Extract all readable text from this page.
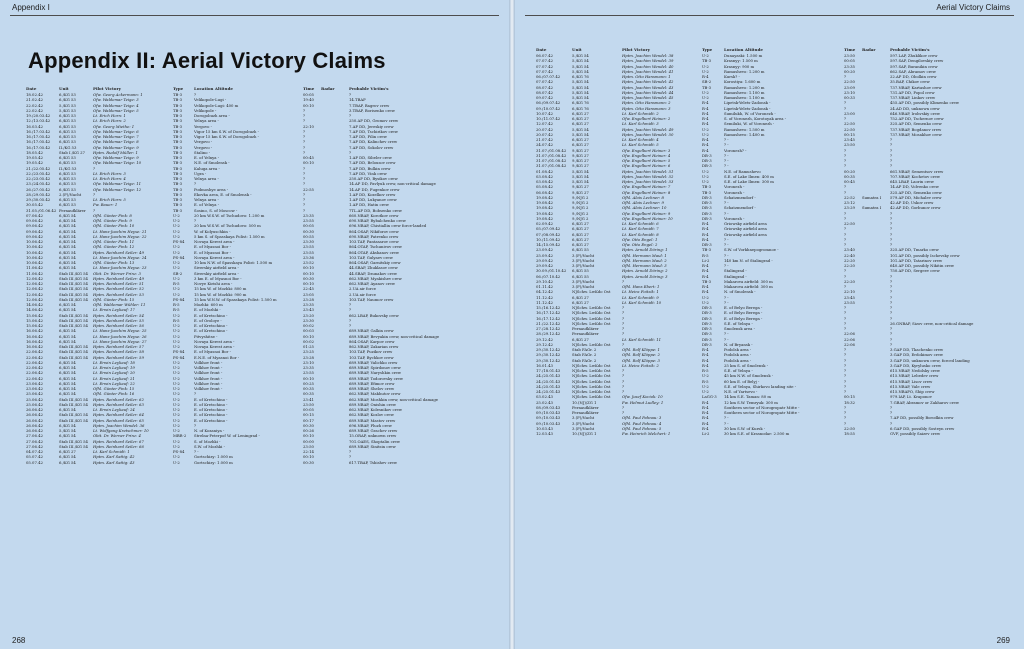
Appendix I
Appendix II: Aerial Victory Claims
Date	Unit	Pilot Victory	Type	Location Altitude	Time	Radar	Probable Victim's
18.02.42	6./KG 53	Ofw. Georg Ackermann: 1	TB-3	?	00:05		?
21.02.42	6./KG 53	Ofw. Waldemar Teige: 3	TB-3	Velikopole-Lugi -	19:40		14.TBAP
22.02.42	5./KG 53	Ofw. Waldemar Teige: 4	TB-3	Velikopole-Lugi: 400 m	00:10		7.TBAP, Bagrov crew
22.02.42	5./KG 53	Ofw. Waldemar Teige: 5	TB-3	Velikopole -	?		3.TBAP, Borisenko crew
19./20.03.42	6./KG 53	Lt. Erich Horn: 1	TB-3	Dorogobuzh area -	?		?
12./13.03.42	6./KG 53	Lt. Erich Horn: 2	TB-3	Yelnya area -	?		250.AP DD, Gromov crew
16.03.42	6./KG 53	Ofw. Georg Miethe: 1	TB-3	Yergovo -	22:10		7.AP DD, Jereskiy crew
16./17.03.42	6./KG 53	Ofw. Waldemar Teige: 6	TB-3	Vigor 15 km S.W. of Dorogobuzh -	?		7.AP DD, Tschirikov crew
16./17.05.42	6./KG 53	Ofw. Waldemar Teige: 7	TB-3	Vigor 15 km S.W. of Dorogobuzh -	?		7.AP DD, Filin crew
16./17.05.42	6./KG 53	Ofw. Waldemar Teige: 8	TB-3	Vergovo -	?		7.AP DD, Kalinchev crew
16./17.05.42	II./KG 53	Ofw. Waldemar Teige: 9	TB-3	Vergovo -	?		7.AP DD, Sokolov crew
18.05.42	Stab I./KG 27	Hptm. Rudolf Müller: 1	TB-3	Stalino -	?		?
19.05.42	6./KG 53	Ofw. Waldemar Teige: 9	TB-3	E. of Yelnya -	00:45		1.AP DD, Sibeler crew
19.05.42	6./KG 53	Ofw. Waldemar Teige: 10	TB-3	N.E. of Smolensk -	00:10		7.AP DD, Belousov crew
21./22.05.42	II./KG 53	?	TB-3	Kaluga area -	?		7.AP DD, Bulkin crew
22./23.05.42	6./KG 53	Lt. Erich Horn: 3	TB-3	Ugra -	?		7.AP DD, Vink crew
22./23.05.42	6./KG 53	Lt. Erich Horn: 4	TB-3	Yelnya area -	?		250.AP DD, Bysikov crew
23./24.05.42	6./KG 53	Ofw. Waldemar Teige: 11	TB-3	?	?		14.AP DD, Pavlyuk crew, non-critical damage
26./27.05.42	6./KG 53	Ofw. Waldemar Teige: 12	TB-3	Podmoshye area -	22:55		14.AP DD, Fugenkov crew
28./29.05.42	2.(F)/Nacht	?	TB-3	Ekovka area, E. of Smolensk -	?		1.AP DD, Kozelkov crew
29./30.05.42	6./KG 53	Lt. Erich Horn: 5	TB-3	Yelnya area -	?		1.AP DD, Lukyanov crew
30.05.42	6./KG 53	Pw. Bauer: 1	TB-3	E. of Yelnya -	?		1.AP DD, Hatin crew
31.05./01.06.42	Fernaufklärer	?	TB-3	Sosino, S. of Moscow -	?		7TL.AP DD, Bobsenko crew
07.06.42	6./KG 54	Ofhl. Günter Fink: 8	U-2	20 km W.S.W. of Tschudovo: 1.200 m	23:35		660.NBAP, Korotkov crew
09.06.42	6./KG 54	Ofhl. Günter Fink: 9	U-2	?	23:55		690.NBAP, Rybalchenko crew
09.06.42	6./KG 54	Ofhl. Günter Fink: 10	U-2	20 km W.S.W. of Tschudovo: 500 m	00:05		696.NBAP, Chistiallin crew force-landed
09.06.42	6./KG 54	Lt. Hans-Joachim Heyse: 21	U-2	W. of Kolyuschkin -	00:30		864.OSAP, Nikiforov crew
09.06.42	6./KG 54	Lt. Hans-Joachim Heyse: 22	U-2	5 km S. of Spasskaya Polist: 1.500 m	00:55		690.NBAP, Patrenko crew
10.06.42	6./KG 54	Ofhl. Günter Fink: 11	PS-84	Novaya Kerest area -	23:30		103.TAP, Pantasarov crew
10.06.42	6./KG 54	Ofhl. Günter Fink: 12	U-2	E. of Myasnoi Bor -	23:55		864.OTAP, Tschunivov crew
10.06.42	6./KG 54	Hptm. Reinhard Seiler: 49	U-2	E. of Myasnoi Bor -	23:55		864.OTAP, Akshanov crew
10.06.42	6./KG 54	Lt. Hans-Joachim Heyse: 24	PS-84	Novaya Kerest area -	23:36		103.TAP, Gulyaev crew
10.06.42	6./KG 54	Ofhl. Günter Fink: 13	U-2	10 km N.W. of Spasskaya Polist: 1.500 m	23:52		864.OSAP, Garnitskiy crew
11.06.42	6./KG 54	Lt. Hans-Joachim Heyse: 23	U-2	Siverskiy airfield area -	00:10		44.SBAP, Zhuklasov crew
11.06.42	Stab III./KG 54	Obit. Dr. Werner Prinz: 3	SB-2	Siverskiy airfield area -	00:10		44.SBAP, Dzunakov crew
12.06.42	Stab III./KG 54	Hptm. Reinhard Seiler: 49	U-2	3 km E. of Myasnoi Bor -	00:30		662.NBAP, Myakishev crew
12.06.42	Stab III./KG 54	Hptm. Reinhard Seiler: 51	R-5	Novye Kirishi area -	00:10		662.NBAP, Ayanov crew
12.06.42	Stab III./KG 54	Hptm. Reinhard Seiler: 52	U-2	15 km W. of Mozhki: 800 m	22:45		2.UA air force
12.06.42	Stab III./KG 54	Hptm. Reinhard Seiler: 53	U-2	15 km W. of Mozhki: 900 m	23:05		2.UA air force
12.06.42	Stab III./KG 54	Ofhl. Günter Fink: 15	PS-84	15 km W.N.W. of Spasskaya Polist: 1.500 m	23:28		103.TAP, Naumov crew
14.06.42	6./KG 54	Ofhl. Waldemar Wühler: 11	R-5	Mozhki: 600 m	23:35		?
14.06.42	6./KG 54	Lt. Erwin Leykauf: 17	R-5	E. of Mozhki -	23:43		?
15.06.42	Stab III./KG 54	Hptm. Reinhard Seiler: 54	U-2	E. of Kretschino -	23:20		662.LBAP, Bukovsky crew
15.06.42	Stab III./KG 54	Hptm. Reinhard Seiler: 55	R-5	E. of Oroloye -	23:30		?
15.06.42	Stab III./KG 54	Hptm. Reinhard Seiler: 56	U-2	E. of Kretschino -	00:02		?
16.06.42	6./KG 54	Lt. Hans-Joachim Heyse: 25	U-2	E. of Kretschino -	00:03		689.NBAP, Galkin crew
16.06.42	6./KG 54	Lt. Hans-Joachim Heyse: 26	U-2	Pitvyshitse -	00:10		689.NBAP, Bevyakin crew, non-critical damage
16.06.42	6./KG 54	Lt. Hans-Joachim Heyse: 27	U-2	Novaya Kerest area -	00:02		864.OSAP, Karpov crew
16.06.42	Stab III./KG 54	Hptm. Reinhard Seiler: 57	U-2	Novaya Kerest area -	01:25		862.NBAP, Zakarian crew
22.06.42	Stab III./KG 54	Hptm. Reinhard Seiler: 58	PS-84	E. of Myasnoi Bor -	23:25		103.TAP, Puzikov crew
22.06.42	Stab III./KG 54	Hptm. Reinhard Seiler: 59	PS-84	E.N.E. of Myasnoi Bor -	23:28		103.TAP, Bychkov crew
22.06.42	6./KG 54	Lt. Erwin Leykauf: 18	U-2	Volkhov front -	23:10		689.NBAP, Valichko crew
22.06.42	6./KG 54	Lt. Erwin Leykauf: 19	U-2	Volkhov front -	23:35		689.NBAP, Spirdonov crew
22.06.42	6./KG 54	Lt. Erwin Leykauf: 20	U-2	Volkhov front -	23:55		689.NBAP, Naryshkin crew
22.06.42	6./KG 54	Lt. Erwin Leykauf: 21	U-2	Volkhov front -	00:10		689.NBAP, Todorovsky crew
23.06.42	6./KG 54	Lt. Erwin Leykauf: 22	U-2	Volkhov front -	00:25		689.NBAP, Efimov crew
23.06.42	6./KG 54	Ofhl. Günter Fink: 15	U-2	Volkhov front -	00:35		689.NBAP, Shelov crew
25.06.42	6./KG 54	Ofhl. Günter Fink: 16	U-2	?	00:35		662.NBAP, Makhutov crew
25.06.42	Stab III./KG 54	Hptm. Reinhard Seiler: 62	U-2	E. of Kretschino -	23:41		662.NBAP, Moshkin crew, non-critical damage
25.06.42	Stab III./KG 54	Hptm. Reinhard Seiler: 63	U-2	E. of Kretschino -	23:50		689.NBAP, Onishin crew
26.06.42	6./KG 54	Lt. Erwin Leykauf: 24	U-2	E. of Kretschino -	00:05		662.NBAP, Kolesnikov crew
26.06.42	Stab III./KG 54	Hptm. Reinhard Seiler: 64	U-2	E. of Kretschino -	00:15		662.NBAP, Kozlov crew
26.06.42	Stab III./KG 54	Hptm. Reinhard Seiler: 65	U-2	E. of Kretschino -	00:17		689.NBAP, Mastov crew
26.06.42	6./KG 54	Hptm. Joachim Wendel: 36	U-2	?	00:30		696.NBAP, Pluzh crew
26.06.42	5./KG 54	Lt. Wolfgang Kretschmer: 10	U-2	N. of Kozaniya -	00:26		689.NBAP, Grachev crew
27.06.42	6./KG 54	Obit. Dr. Werner Prinz: 4	MBR-2	Strelna-Peterpof W. of Leningrad -	00:10		15.ORAP, unknown crew
27.06.42	Stab III./KG 54	Hptm. Reinhard Seiler: 67	U-2	S. of Mozhki -	00:00		701.OAES, Shoptalin crew
27.06.42	Stab III./KG 54	Hptm. Reinhard Seiler: 66	U-2	S.W. of Mozhki -	23:50		689.NBAP, Sinitsin crew
04.07.42	6./KG 27	Lt. Karl Schmidt: 1	PS-84	? -	22:14		?
05.07.42	6./KG 54	Hptm. Karl Sattig: 42	U-2	Gortschizy: 1.000 m	00:10		?
05.07.42	6./KG 54	Hptm. Karl Sattig: 43	U-2	Gortschizy: 1.000 m	00:30		617.TBAP, Tshishev crew
268
Aerial Victory Claims
Date	Unit	Pilot Victory	Type	Location Altitude	Time	Radar	Probable Victim's
06.07.42	5./KG 54	Hptm. Joachim Wendel: 38	U-2	Dunayaski: 1.500 m	23:50		597.LAP, Zhuklikov crew
07.07.42	5./KG 54	Hptm. Joachim Wendel: 39	TB-3	Krasnyy: 1.500 m	00:05		597.SAP, Dengilovskiy crew
07.07.42	5./KG 54	Hptm. Joachim Wendel: 40	U-2	Krasnyy: 900 m	23:35		597.SAP, Buranikin crew
07.07.42	5./KG 54	Hptm. Joachim Wendel: 41	U-2	Ramushevo: 1.200 m	00:20		662.SAP, Abramov crew
06./07.07.42	6./KG 76	Hptm. Otto Hansmann: 1	R-4	Kursk? -	?		22.AP DD, Obolkin crew
07.07.42	5./KG 54	Hptm. Joachim Wendel: 42	SB-2	Korostiya: 1.600 m	22:50		35.BAP, Chikov crew
08.07.42	5./KG 54	Hptm. Joachim Wendel: 43	TB-3	Ramushevo: 1.200 m	23:09		737.NBAP, Kartashov crew
08.07.42	5./KG 54	Hptm. Joachim Wendel: 44	U-2	Ramushevo: 1.100 m	23:10		731.AP DD, Popol crew
09.07.42	5./KG 54	Hptm. Joachim Wendel: 45	U-2	Ramushevo: 1.100 m	00:33		737.NBAP, Linkov crew
06./09.07.42	6./KG 76	Hptm. Otto Hansmann: 2	R-4	Lipetsk-Yelets-Zadonsk -	?		455.AP DD, possibly Klimenko crew
09./10.07.42	6./KG 76	Hptm. Otto Hansmann: 3	R-4	Lipetsk-Yelets-Zadonsk -	?		24.AD DD, unknown crew
10.07.42	6./KG 27	Lt. Karl Schmidt: 2	R-4	Sumilukh, W. of Voronezh -	23:00		646.NBAP, Irohvskiy crew
10./11.07.42	6./KG 27	Ofw. Engelbert Heiner: 2	R-4	S. of Voronezh, Korotoyak area -	?		752.AP DD, Tschernov crew
12.07.42	6./KG 27	Lt. Karl Schmidt: 3	R-4	Semiluki, W. of Voronezh -	22:50		325.AP DD, Semenko crew
20.07.42	5./KG 54	Hptm. Joachim Wendel: 49	U-2	Ramushevo: 1.500 m	22:50		737.NBAP, Bogdanov crew
20.07.42	5./KG 54	Hptm. Joachim Wendel: 50	U-2	Ramushevo: 1.400 m	00:15		737.NBAP, Mosakhov crew
21.07.42	6./KG 27	Lt. Karl Schmidt: 4	R-4	? -	23:45		?
24.07.42	6./KG 27	Lt. Karl Schmidt: 5	R-4	? -	23:50		?
31.07./01.08.42	9./KG 27	Ofw. Engelbert Heiner: 3	R-4	Voronezh? -	?		?
31.07./01.08.42	9./KG 27	Ofw. Engelbert Heiner: 4	DB-3	? -	?		?
31.07./01.08.42	9./KG 27	Ofw. Engelbert Heiner: 5	DB-3	? -	?		?
31.07./01.08.42	9./KG 27	Ofw. Engelbert Heiner: 6	DB-3	? -	?		?
01.08.42	5./KG 54	Hptm. Joachim Wendel: 51	U-2	N.E. of Ramushevo	00:20		661.NBAP, Sementsov crew
03.08.42	5./KG 54	Hptm. Joachim Wendel: 52	U-2	S.E. of Lake Ilmen: 400 m	00:35		707.NBAP, Kochetov crew
03.08.42	5./KG 54	Hptm. Joachim Wendel: 53	U-2	S.E. of Lake Ilmen: 300 m	00:45		645.LBAP, Laorin crew
05.08.42	9./KG 27	Ofw. Engelbert Heiner: 7	TB-3	Voronezh -	?		14.AP DD, Volvenko crew
06.08.42	9./KG 27	Ofw. Engelbert Heiner: 8	TB-3	Voronezh -	?		325.AP DD, Semenko crew
19.08.42	9./NJG 2	Ofhl. Alois Lechner: 8	DB-3	Schatzmendorf -	22:52	Sumatra I	579.AP DD, Michalev crew
19.08.42	9./NJG 2	Ofhl. Alois Lechner: 9	DB-3	? -	23:12		42.AP DD, Uskov crew
19.08.42	9./NJG 2	Ofhl. Alois Lechner: 10	DB-3	Schatzmendorf -	23:29	Sumatra I	42.AP DD, Gorbunov crew
19.08.42	9./NJG 2	Ofw. Engelbert Heiner: 9	DB-3	? -	?		?
19.08.42	9./NJG 2	Ofw. Engelbert Heiner: 10	DB-3	Voronezh -	?		?
02.09.42	6./KG 27	Lt. Karl Schmidt: 6	R-4	Griowsky airfield area	22:50		?
05./07.09.42	6./KG 27	Lt. Karl Schmidt: 7	R-4	Griowsky airfield area	?		?
07./08.09.42	6./KG 27	Lt. Karl Schmidt: 8	R-4	Griowsky airfield area	?		?
10./11.09.42	6./KG 27	Ofw. Otto Engel: 1	R-4	? -	?		?
14./15.09.42	6./KG 27	Ofw. Otto Engel: 2	DB-3	? -	?		?
23.09.42	6./KG 55	Hptm. Arnold Döring: 1	TB-3	S.W. of Vorkhnepogromnoe -	23:40		325.AP DD, Tmarko crew
25.09.42	3.(F)/Nacht	Ofhl. Hermann Maul: 1	R-5	? -	22:40		101.AP DD, possibly Ischevsky crew
29.09.42	3.(F)/Nacht	Ofhl. Hermann Maul: 2	Li-2	140 km N. of Stalingrad -	22:20		101.AP DD, Tatarinov crew
29.09.42	3.(F)/Nacht	Ofhl. Hermann Maul: 3	R-4	? -	22:20		640.AP DD, possibly Nikitin crew
30.09./01.10.42	6./KG 55	Hptm. Arnold Döring: 2	R-4	Stalingrad -	?		750.AP DD, Sergeev crew
06./07.10.42	6./KG 55	Hptm. Arnold Döring: 3	R-4	Stalingrad -	?		?
29.10.42	3.(F)/Nacht	?	TB-3	Makarova airfield: 300 m	22:20		?
01.11.42	3.(F)/Nacht	Ofhl. Hans Ebert: 1	R-4	Makarova airfield: 300 m	?		?
04.12.42	NJSchw. LwKdo Ost	Lt. Heinz Foitzik: 1	R-4	N. of Smolensk -	22:10		?
11.12.42	6./KG 27	Lt. Karl Schmidt: 9	U-2	? -	23:45		?
11.12.42	6./KG 27	Lt. Karl Schmidt: 10	U-2	? -	23:55		?
15./16.12.42	NJSchw. LwKdo Ost	?	DB-3	E. of Belyo Berega -	?		?
16./17.12.42	NJSchw. LwKdo Ost	?	DB-3	E. of Belyo Berega -	?		?
16./17.12.42	NJSchw. LwKdo Ost	?	DB-3	E. of Belyo Berega -	?		?
21./22.12.42	NJSchw. LwKdo Ost	?	DB-3	S.E. of Yelnya -	?		26.GNBAP, Sizov crew, non-critical damage
27./28.12.42	Fernaufklärer	?	DB-3	Smolensk area -	?		?
28./29.12.42	Fernaufklärer	?	DB-3	? -	22:06		?
29.12.42	6./KG 27	Lt. Karl Schmidt: 11	DB-3	? -	22:06		?
29.12.42	NJSchw. LwKdo Ost	?	DB-3	N. of Bryansk -	22:06		?
29./30.12.42	Stab FAGr. 2	Ofhl. Rolf Klöppe: 1	R-4	Podolsk area -	?		3.GAP DD, Tkachenko crew
29./30.12.42	Stab FAGr. 2	Ofhl. Rolf Klöppe: 2	R-4	Podolsk area -	?		3.GAP DD, Erdokimov crew
29./30.12.42	Stab FAGr. 2	Ofhl. Rolf Klöppe: 3	R-4	Podolsk area -	?		3.GAP DD, unknown crew, forced landing
16.01.43	NJSchw. LwKdo Ost	Lt. Heinz Foitzik: 2	R-4	25 km S. of Smolensk -	?		3.GAP DD, Kyrylusko crew
17./18.01.43	NJSchw. LwKdo Ost	?	R-5	S.E. of Yelnya -	?		615.NBAP, Nedolsky crew
24./25.01.43	NJSchw. LwKdo Ost	?	U-2	45 km N.W. of Smolensk -	?		615.NBAP, Lebedev crew
24./25.01.43	NJSchw. LwKdo Ost	?	R-5	60 km E. of Belyj -	?		615.NBAP, Lisov crew
24./25.01.43	NJSchw. LwKdo Ost	?	U-2	S.E. of Yelnya, Shirkovo landing site -	?		615.NBAP, Vale crew
24./25.01.43	NJSchw. LwKdo Ost	?	U-2	N.E. of Yartsevo -	?		615.NBAPO, Ship crew
03.02.43	NJSchw. LwKdo Ost	Ofw. Josef Kociok: 10	LaGG-3	14 km S.E. Taman: 80 m	00:15		979.IAP, Lt. Kraponov
25.02.43	10.(NJ)/ZG 1	Fw. Helmut Ludley: 1	R-4	12 km S.W. Temryuk: 300 m	18:32		7.GBAP, Abramov or Zakharov crew
08./09.03.43	Fernaufklärer	?	R-4	Southern sector of Norogropatr Mitte -	?		?
09./10.03.43	Fernaufklärer	?	R-4	Southern sector of Norogropatr Mitte -	?		?
09./10.03.43	3.(F)/Nacht	Ofhl. Paul Pahnau: 3	R-4	? -	?		7.AP DD, possibly Borodkin crew
09./10.03.43	3.(F)/Nacht	Ofhl. Paul Pahnau: 4	R-4	? -	?		?
10.03.43	3.(F)/Nacht	Ofhl. Paul Pahnau: 5	R-4	30 km S.W. of Kursk -	22:50		6.GAP DD, possibly Sosteyn crew
12.03.43	10.(NJ)/ZG 1	Fw. Heinrich Melchert: 1	Li-2	30 km S.E. of Krasnodar: 2.500 m	18:55		GVF, possibly Saizev crew
269
